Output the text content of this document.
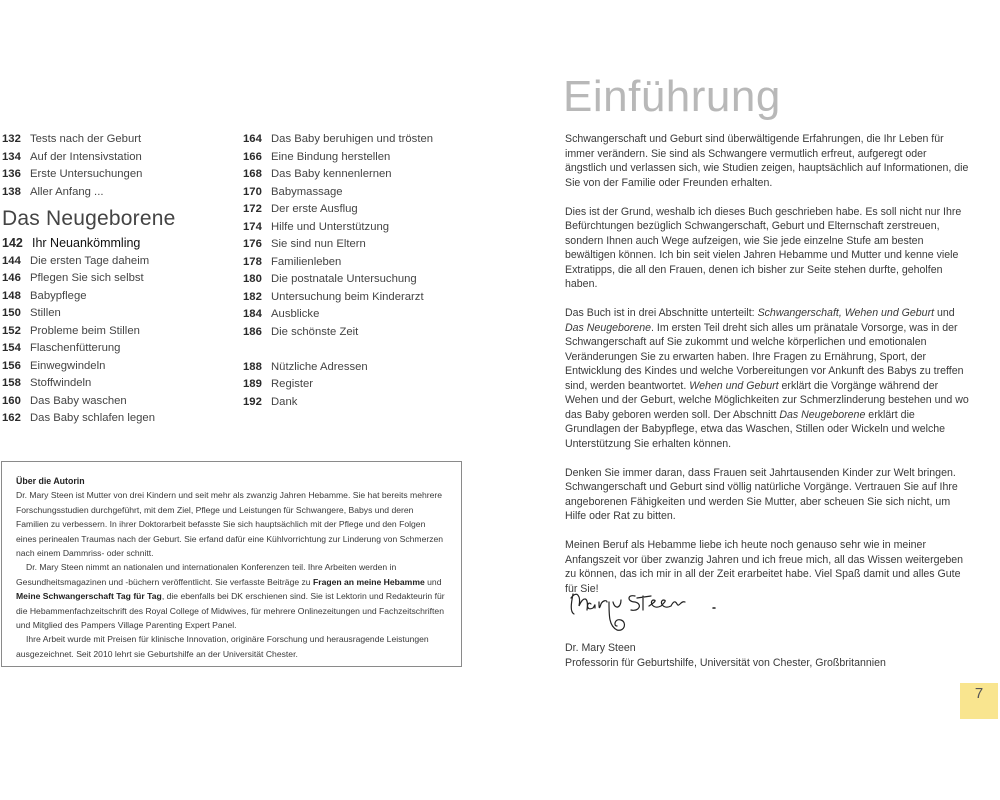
132 Tests nach der Geburt
134 Auf der Intensivstation
136 Erste Untersuchungen
138 Aller Anfang ...
Das Neugeborene
142 Ihr Neuankömmling
144 Die ersten Tage daheim
146 Pflegen Sie sich selbst
148 Babypflege
150 Stillen
152 Probleme beim Stillen
154 Flaschenfütterung
156 Einwegwindeln
158 Stoffwindeln
160 Das Baby waschen
162 Das Baby schlafen legen
164 Das Baby beruhigen und trösten
166 Eine Bindung herstellen
168 Das Baby kennenlernen
170 Babymassage
172 Der erste Ausflug
174 Hilfe und Unterstützung
176 Sie sind nun Eltern
178 Familienleben
180 Die postnatale Untersuchung
182 Untersuchung beim Kinderarzt
184 Ausblicke
186 Die schönste Zeit
188 Nützliche Adressen
189 Register
192 Dank

Über die Autorin

Dr. Mary Steen ist Mutter von drei Kindern und seit mehr als zwanzig Jahren Hebamme. Sie hat bereits mehrere Forschungsstudien durchgeführt, mit dem Ziel, Pflege und Leistungen für Schwangere, Babys und deren Familien zu verbessern. In ihrer Doktorarbeit befasste Sie sich hauptsächlich mit der Pflege und den Folgen eines perinealen Traumas nach der Geburt. Sie erfand dafür eine Kühlvorrichtung zur Linderung von Schmerzen nach einem Dammriss- oder schnitt.

Dr. Mary Steen nimmt an nationalen und internationalen Konferenzen teil. Ihre Arbeiten werden in Gesundheitsmagazinen und -büchern veröffentlicht. Sie verfasste Beiträge zu Fragen an meine Hebamme und Meine Schwangerschaft Tag für Tag, die ebenfalls bei DK erschienen sind. Sie ist Lektorin und Redakteurin für die Hebammenfachzeitschrift des Royal College of Midwives, für mehrere Onlinezeitungen und Fachzeitschriften und Mitglied des Pampers Village Parenting Expert Panel.

Ihre Arbeit wurde mit Preisen für klinische Innovation, originäre Forschung und herausragende Leistungen ausgezeichnet. Seit 2010 lehrt sie Geburtshilfe an der Universität Chester.

Einführung

Schwangerschaft und Geburt sind überwältigende Erfahrungen, die Ihr Leben für immer verändern. Sie sind als Schwangere vermutlich erfreut, aufgeregt oder ängstlich und verlassen sich, wie Studien zeigen, hauptsächlich auf Informationen, die Sie von der Familie oder Freunden erhalten.

Dies ist der Grund, weshalb ich dieses Buch geschrieben habe. Es soll nicht nur Ihre Befürchtungen bezüglich Schwangerschaft, Geburt und Elternschaft zerstreuen, sondern Ihnen auch Wege aufzeigen, wie Sie jede einzelne Stufe am besten bewältigen können. Ich bin seit vielen Jahren Hebamme und Mutter und kenne viele Extratipps, die all den Frauen, denen ich bisher zur Seite stehen durfte, geholfen haben.

Das Buch ist in drei Abschnitte unterteilt: Schwangerschaft, Wehen und Geburt und Das Neugeborene. Im ersten Teil dreht sich alles um pränatale Vorsorge, was in der Schwangerschaft auf Sie zukommt und welche körperlichen und emotionalen Veränderungen Sie zu erwarten haben. Ihre Fragen zu Ernährung, Sport, der Entwicklung des Kindes und welche Vorbereitungen vor Ankunft des Babys zu treffen sind, werden beantwortet. Wehen und Geburt erklärt die Vorgänge während der Wehen und der Geburt, welche Möglichkeiten zur Schmerzlinderung bestehen und wo das Baby geboren werden soll. Der Abschnitt Das Neugeborene erklärt die Grundlagen der Babypflege, etwa das Waschen, Stillen oder Wickeln und welche Unterstützung Sie erhalten können.

Denken Sie immer daran, dass Frauen seit Jahrtausenden Kinder zur Welt bringen. Schwangerschaft und Geburt sind völlig natürliche Vorgänge. Vertrauen Sie auf Ihre angeborenen Fähigkeiten und werden Sie Mutter, aber scheuen Sie sich nicht, um Hilfe oder Rat zu bitten.

Meinen Beruf als Hebamme liebe ich heute noch genauso sehr wie in meiner Anfangszeit vor über zwanzig Jahren und ich freue mich, all das Wissen weitergeben zu können, das ich mir in all der Zeit erarbeitet habe. Viel Spaß damit und alles Gute für Sie!

Dr. Mary Steen
Professorin für Geburtshilfe, Universität von Chester, Großbritannien
7
